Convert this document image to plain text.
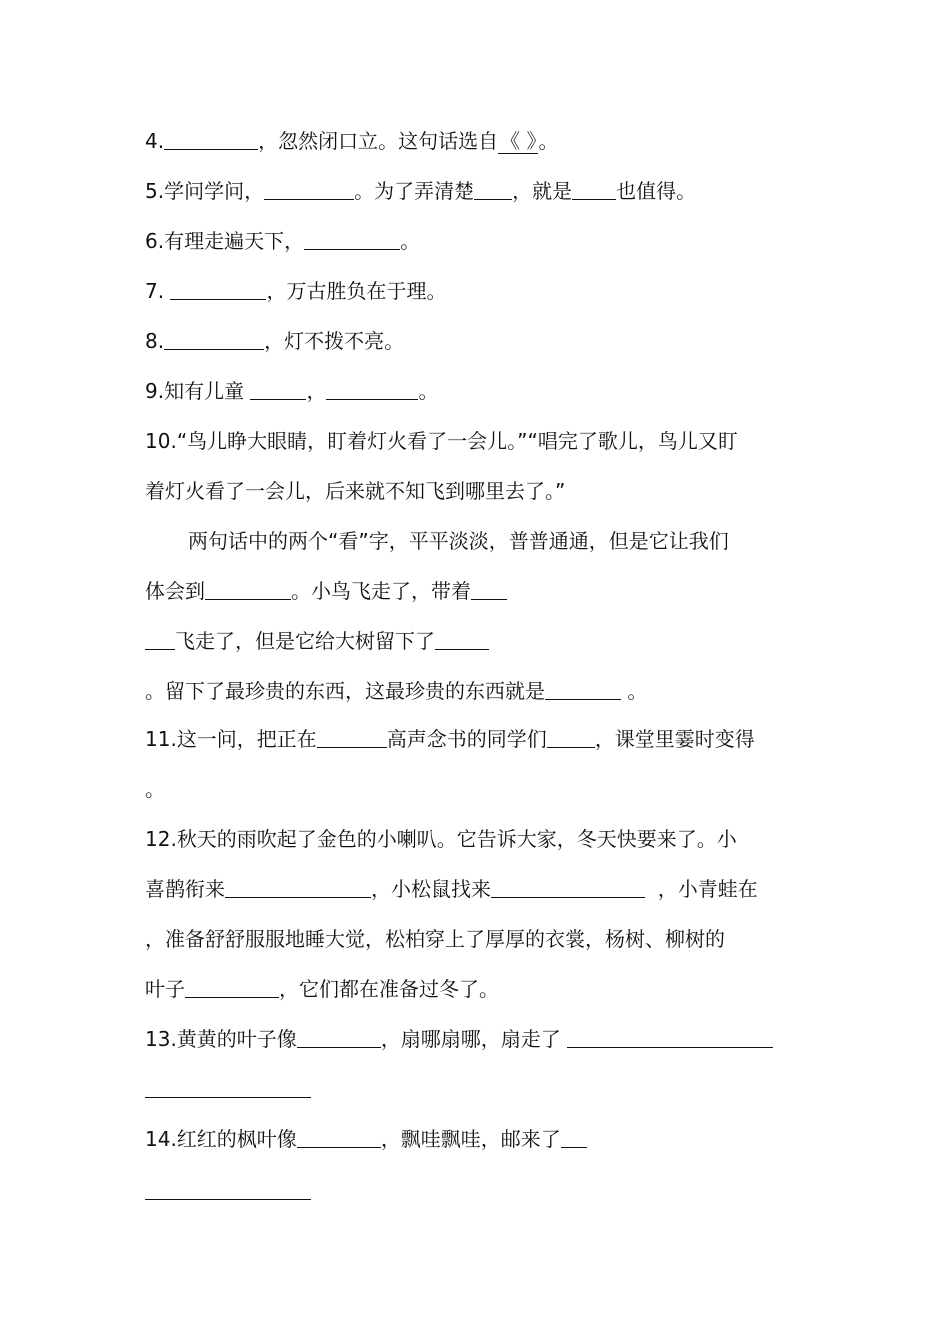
4.	，忽然闭口立。这句话选自 《 》 。
5.学问学问，	。为了弄清楚 ，就是 也值得。
6.有理走遍天下，	。
7.	，万古胜负在于理。
8.	，灯不拨不亮。
9.知有儿童	，	。
10.“鸟儿睁大眼睛，盯着灯火看了一会儿。”“唱完了歌儿，鸟儿又盯
着灯火看了一会儿，后来就不知飞到哪里去了。”
两句话中的两个“看”字，平平淡淡，普普通通，但是它让我们
体会到	。小鸟飞走了，带着
飞走了，但是它给大树留下了
。留下了最珍贵的东西，这最珍贵的东西就是	。
11.这一问，把正在	高声念书的同学们 ，课堂里霎时变得
。
12.秋天的雨吹起了金色的小喇叭。它告诉大家，冬天快要来了。小
喜鹊衔来	，小松鼠找来	，小青蛙在
，准备舒舒服服地睡大觉，松柏穿上了厚厚的衣裳，杨树、柳树的
叶子	，它们都在准备过冬了。
13.黄黄的叶子像	，扇哪扇哪，扇走了
14.红红的枫叶像	，飘哇飘哇，邮来了
